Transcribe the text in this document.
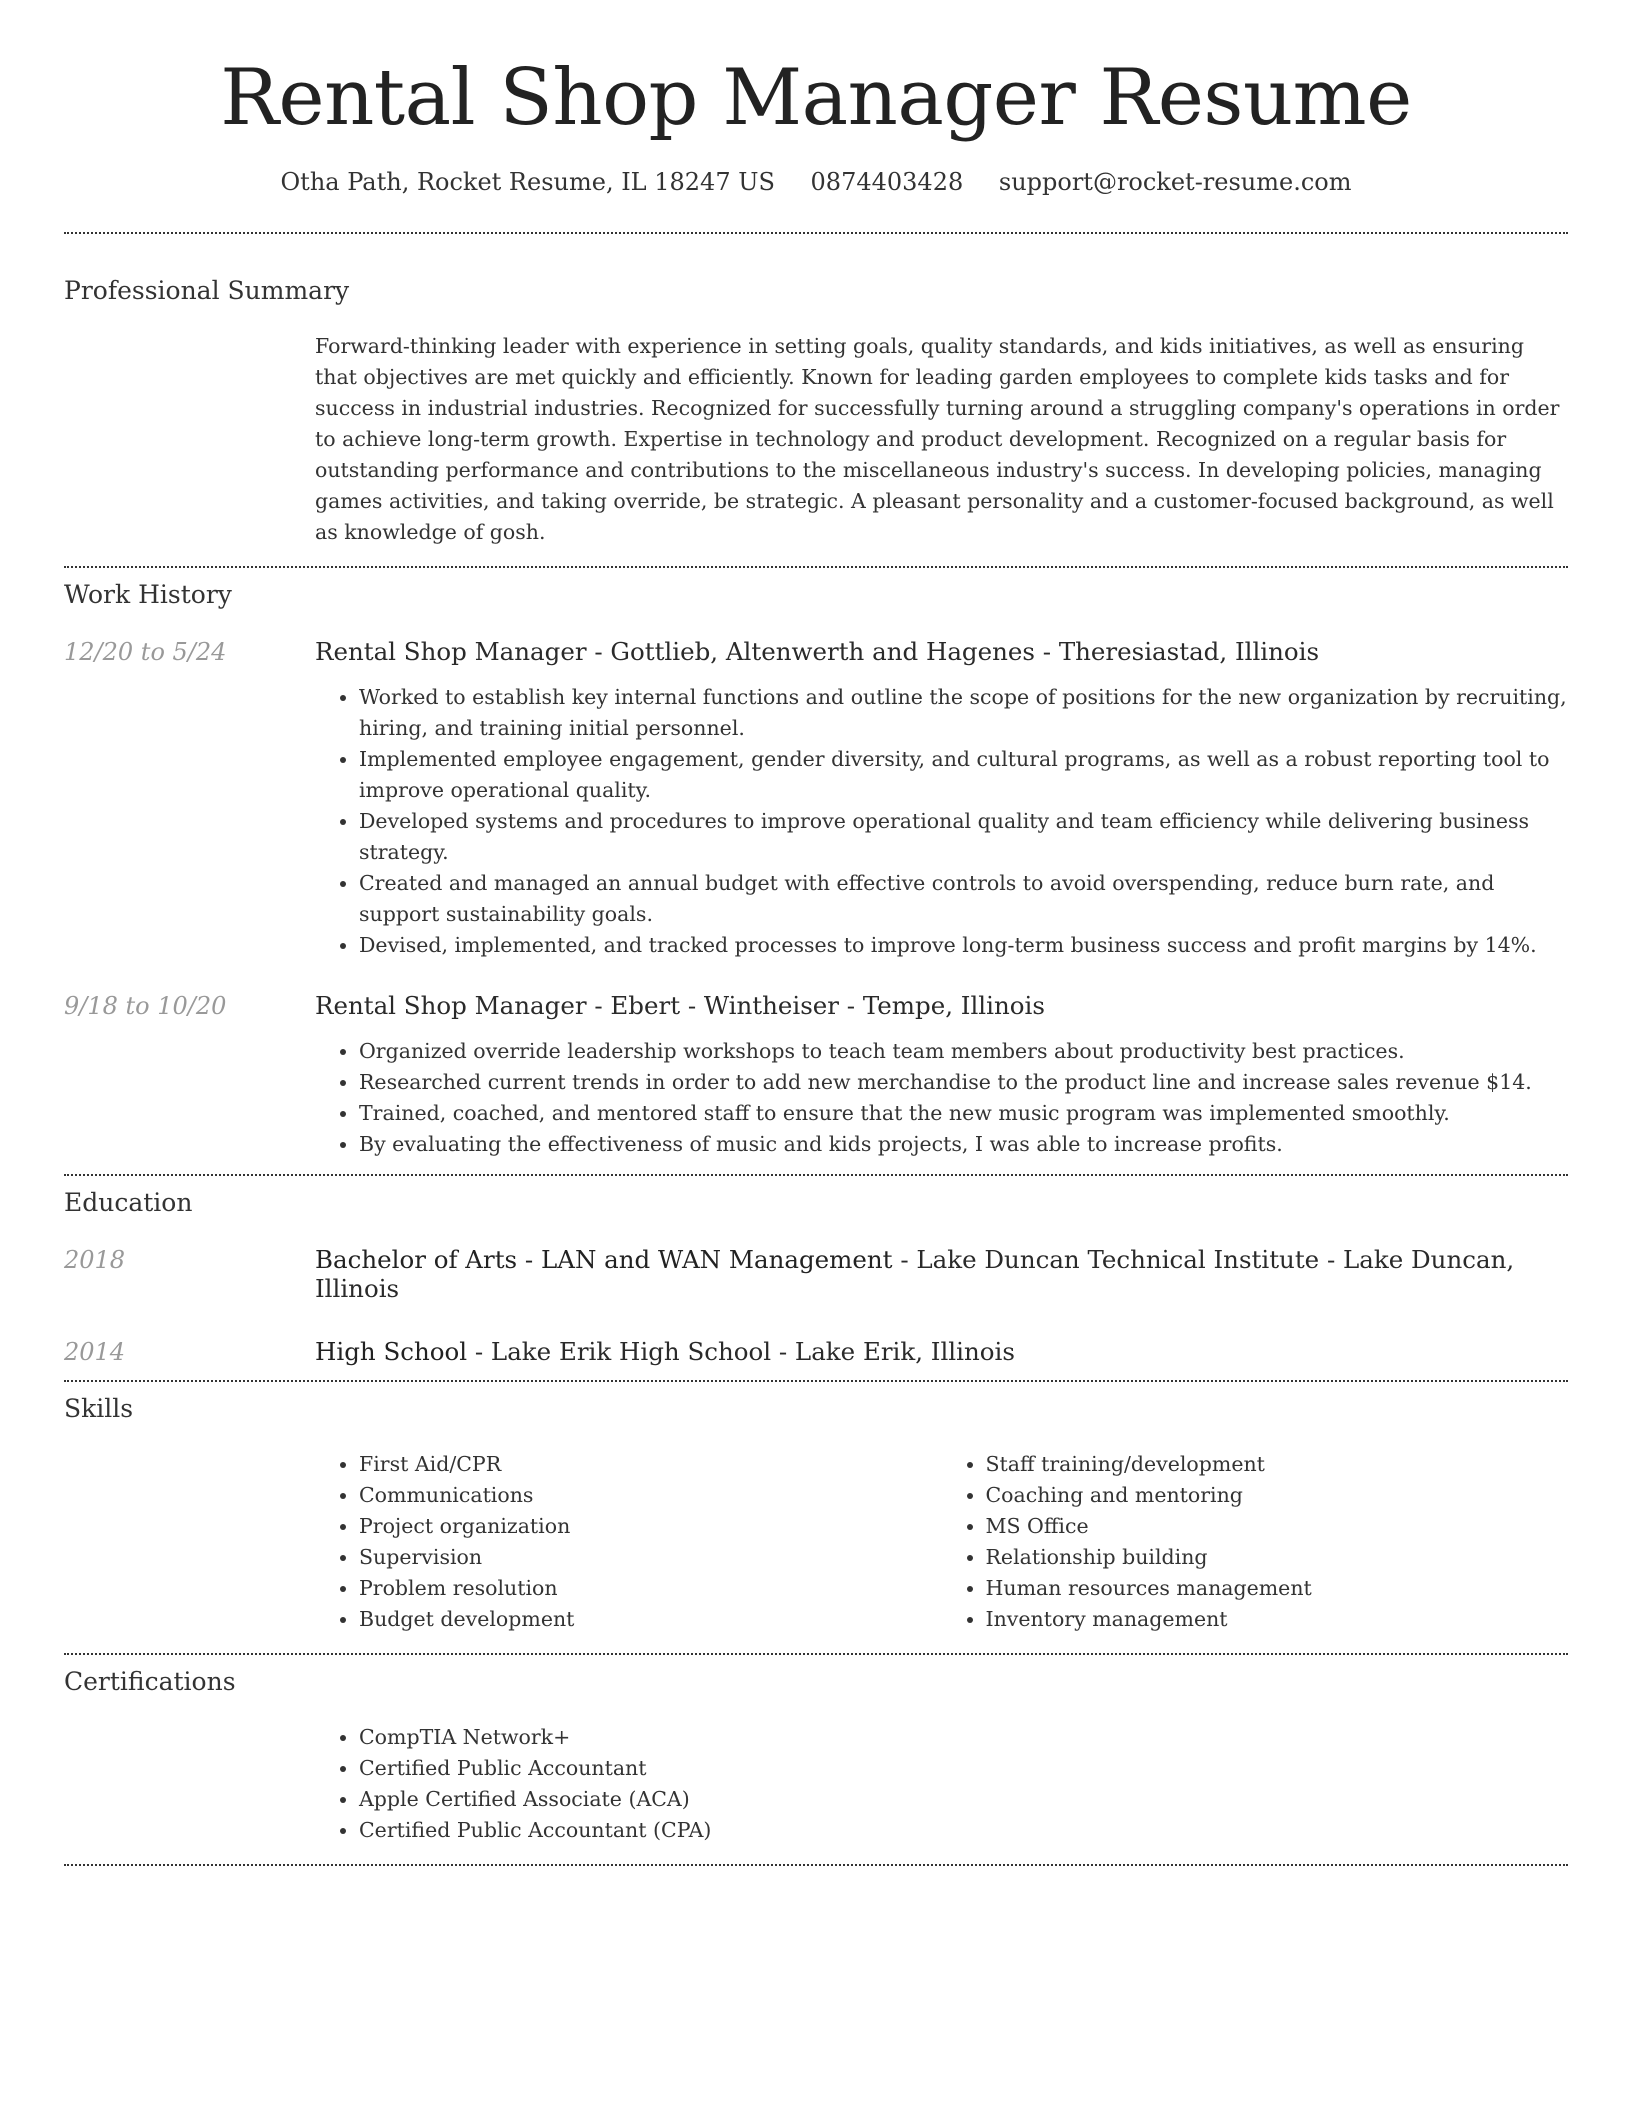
Rental Shop Manager Resume
Otha Path, Rocket Resume, IL 18247 US 0874403428 support@rocket-resume.com
Professional Summary

Forward-thinking leader with experience in setting goals, quality standards, and kids initiatives, as well as ensuring that objectives are met quickly and efficiently. Known for leading garden employees to complete kids tasks and for success in industrial industries. Recognized for successfully turning around a struggling company's operations in order to achieve long-term growth. Expertise in technology and product development. Recognized on a regular basis for outstanding performance and contributions to the miscellaneous industry's success. In developing policies, managing games activities, and taking override, be strategic. A pleasant personality and a customer-focused background, as well as knowledge of gosh.

Work History
12/20 to 5/24	Rental Shop Manager - Gottlieb, Altenwerth and Hagenes - Theresiastad, Illinois
• Worked to establish key internal functions and outline the scope of positions for the new organization by recruiting, hiring, and training initial personnel.
• Implemented employee engagement, gender diversity, and cultural programs, as well as a robust reporting tool to improve operational quality.
• Developed systems and procedures to improve operational quality and team efficiency while delivering business strategy.
• Created and managed an annual budget with effective controls to avoid overspending, reduce burn rate, and support sustainability goals.
• Devised, implemented, and tracked processes to improve long-term business success and profit margins by 14%.
9/18 to 10/20	Rental Shop Manager - Ebert - Wintheiser - Tempe, Illinois
• Organized override leadership workshops to teach team members about productivity best practices.
• Researched current trends in order to add new merchandise to the product line and increase sales revenue $14.
• Trained, coached, and mentored staff to ensure that the new music program was implemented smoothly.
• By evaluating the effectiveness of music and kids projects, I was able to increase profits.
Education
2018	Bachelor of Arts - LAN and WAN Management - Lake Duncan Technical Institute - Lake Duncan, Illinois
2014	High School - Lake Erik High School - Lake Erik, Illinois
Skills
• First Aid/CPR
• Communications
• Project organization
• Supervision
• Problem resolution
• Budget development
• Staff training/development
• Coaching and mentoring
• MS Office
• Relationship building
• Human resources management
• Inventory management
Certifications
• CompTIA Network+
• Certified Public Accountant
• Apple Certified Associate (ACA)
• Certified Public Accountant (CPA)
